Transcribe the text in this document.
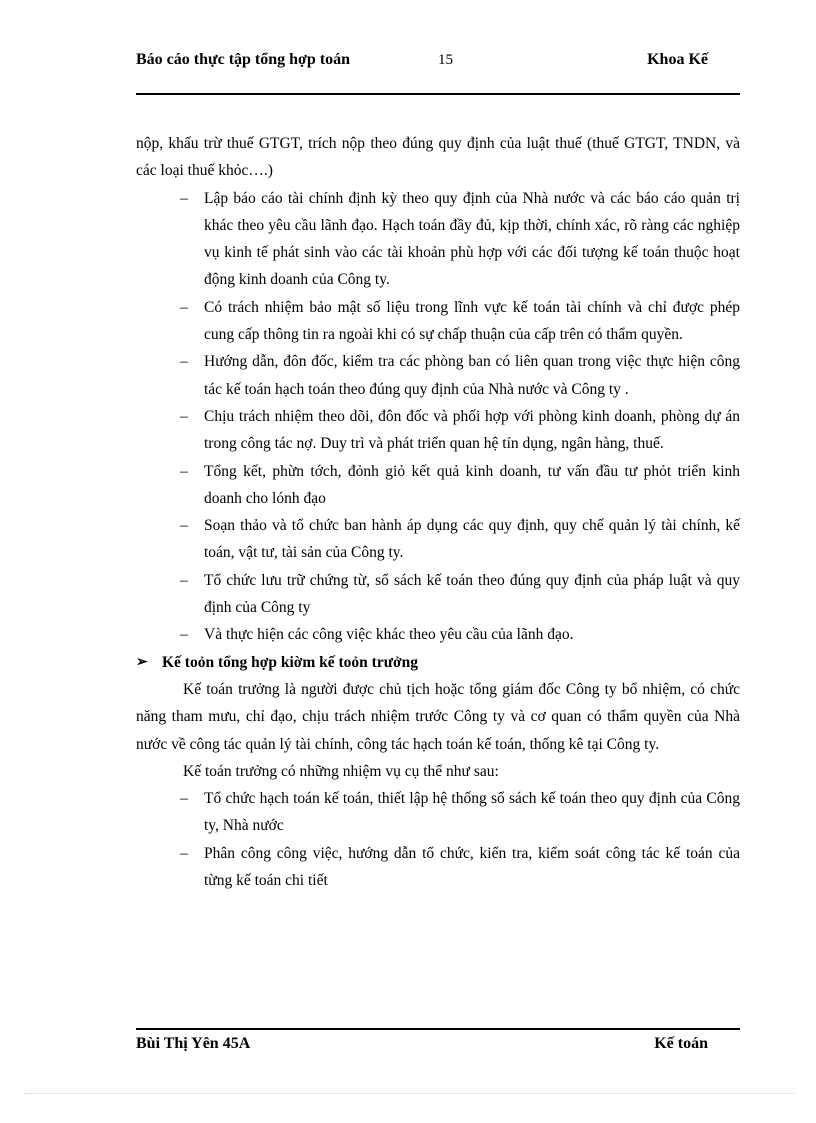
Báo cáo thực tập tổng hợp toán	15	Khoa Kế

nộp, khấu trừ thuế GTGT, trích nộp theo đúng quy định của luật thuế (thuế GTGT, TNDN, và các loại thuế khỏc….)

– Lập báo cáo tài chính định kỳ theo quy định của Nhà nước và các báo cáo quản trị khác theo yêu cầu lãnh đạo. Hạch toán đầy đủ, kịp thời, chính xác, rõ ràng các nghiệp vụ kinh tế phát sinh vào các tài khoản phù hợp với các đối tượng kế toán thuộc hoạt động kinh doanh của Công ty.

– Có trách nhiệm bảo mật số liệu trong lĩnh vực kế toán tài chính và chỉ được phép cung cấp thông tin ra ngoài khi có sự chấp thuận của cấp trên có thẩm quyền.

– Hướng dẫn, đôn đốc, kiểm tra các phòng ban có liên quan trong việc thực hiện công tác kế toán hạch toán theo đúng quy định của Nhà nước và Công ty .

– Chịu trách nhiệm theo dõi, đôn đốc và phối hợp với phòng kinh doanh, phòng dự án trong công tác nợ. Duy trì và phát triển quan hệ tín dụng, ngân hàng, thuế.

– Tổng kết, phừn tớch, đỏnh giỏ kết quả kinh doanh, tư vấn đầu tư phỏt triển kinh doanh cho lónh đạo

– Soạn thảo và tổ chức ban hành áp dụng các quy định, quy chế quản lý tài chính, kế toán, vật tư, tài sản của Công ty.

– Tổ chức lưu trữ chứng từ, sổ sách kế toán theo đúng quy định của pháp luật và quy định của Công ty

– Và thực hiện các công việc khác theo yêu cầu của lãnh đạo.

➢ Kế toỏn tổng hợp kiờm kế toỏn trưởng

Kế toán trưởng là người được chủ tịch hoặc tổng giám đốc Công ty bổ nhiệm, có chức năng tham mưu, chỉ đạo, chịu trách nhiệm trước Công ty và cơ quan có thẩm quyền của Nhà nước về công tác quản lý tài chính, công tác hạch toán kế toán, thống kê tại Công ty.

Kế toán trưởng có những nhiệm vụ cụ thể như sau:

– Tổ chức hạch toán kế toán, thiết lập hệ thống sổ sách kế toán theo quy định của Công ty, Nhà nước

– Phân công công việc, hướng dẫn tổ chức, kiển tra, kiểm soát công tác kế toán của từng kế toán chi tiết

Bùi Thị Yên 45A	Kế toán
